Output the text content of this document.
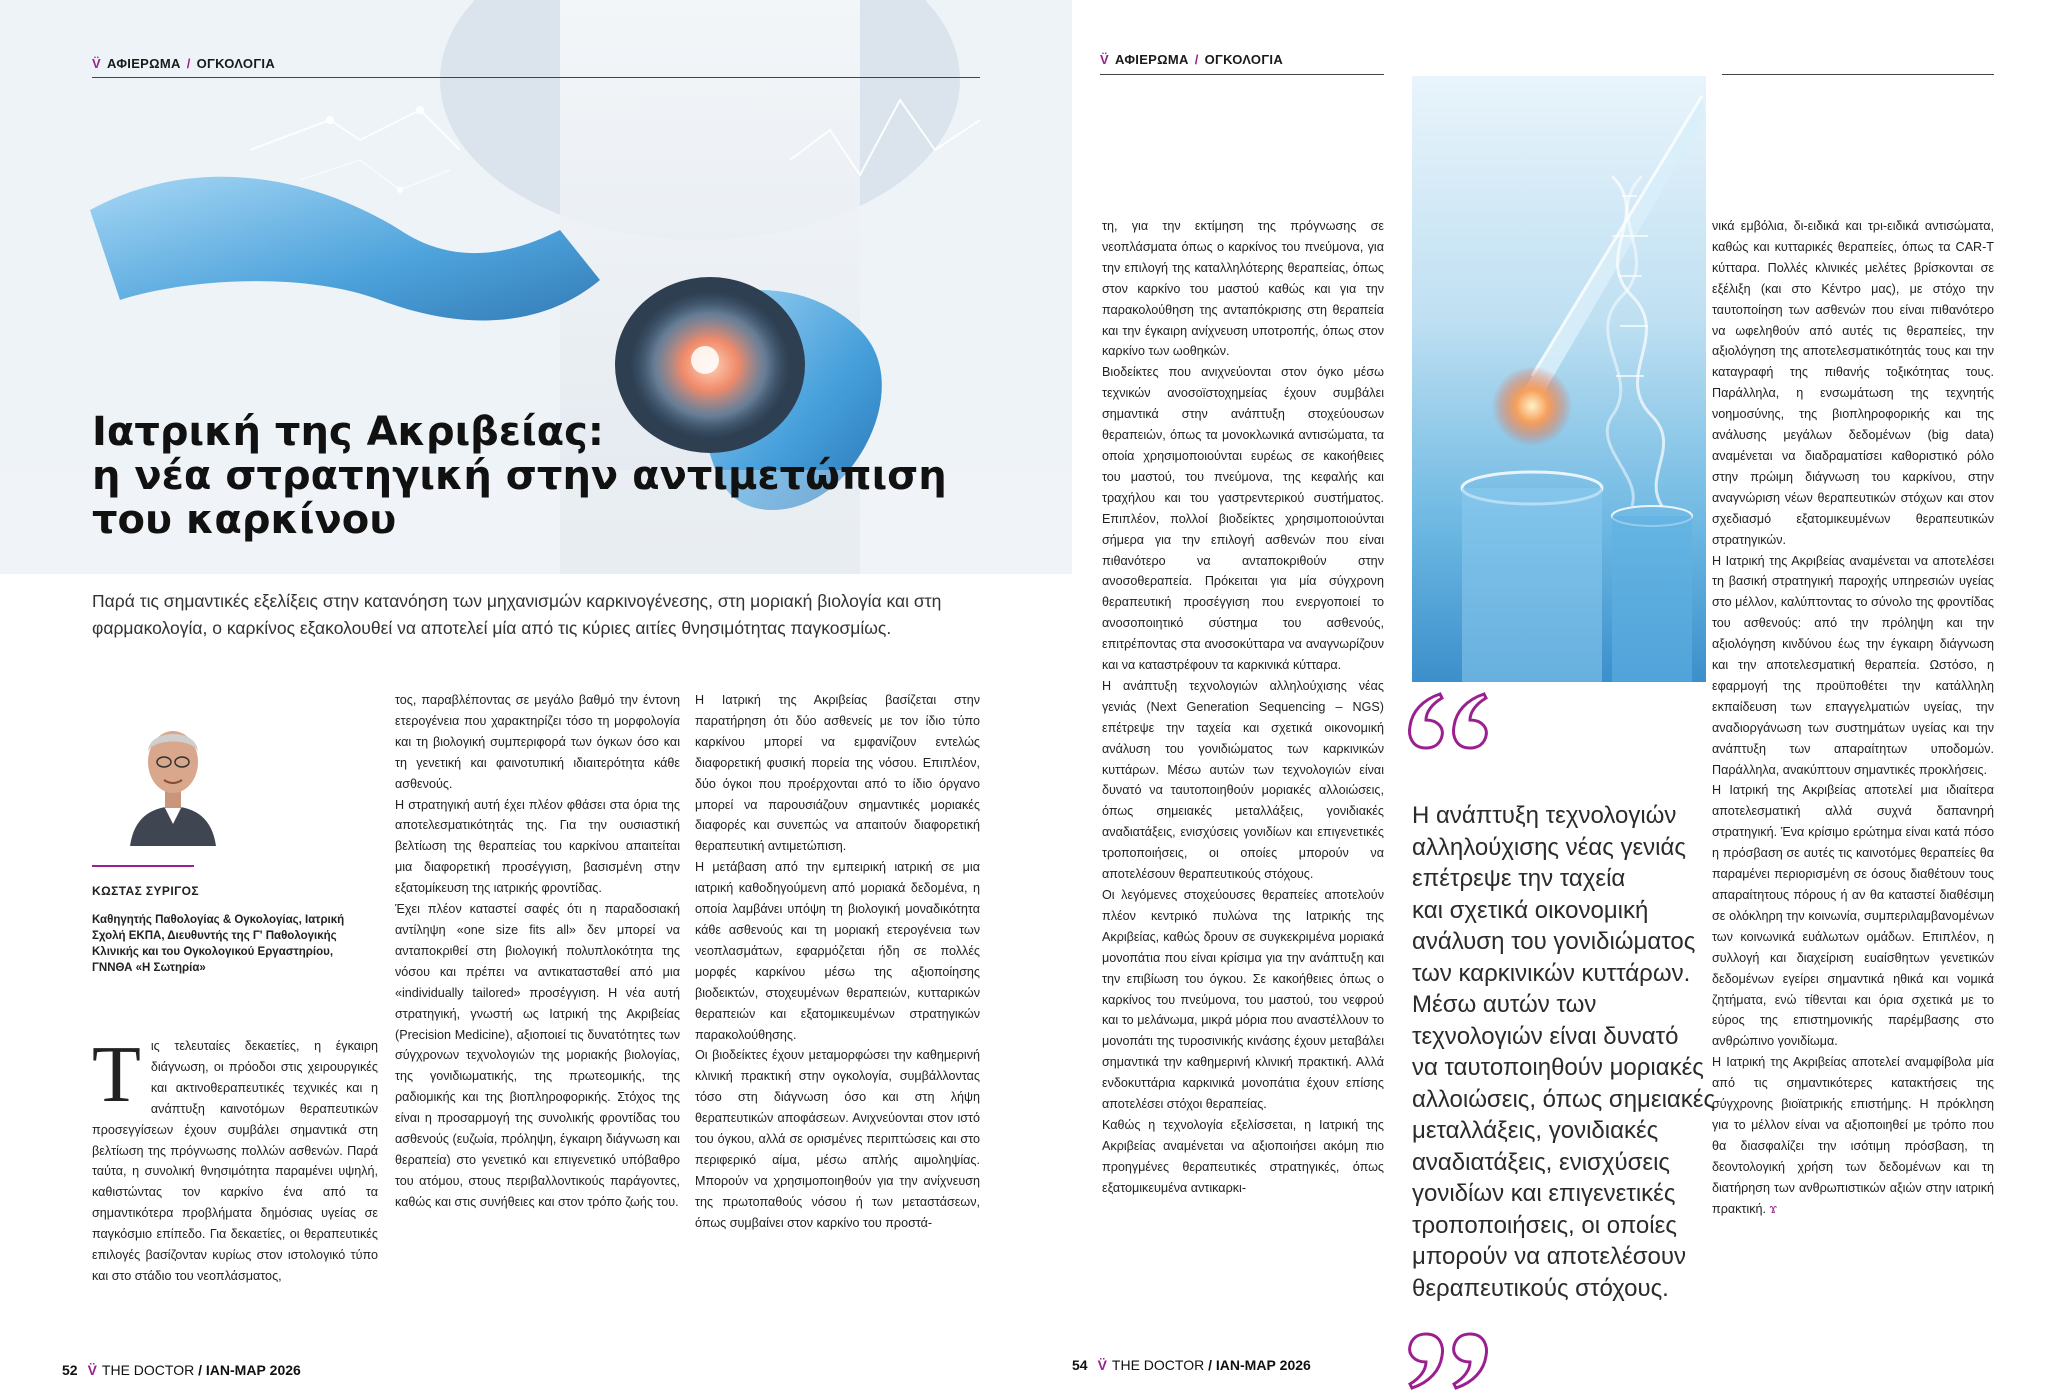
Ιατρική της Ακριβείας:
η νέα στρατηγική στην αντιμετώπιση
του καρκίνου
V̈ ΑΦΙΕΡΩΜΑ / ΟΓΚΟΛΟΓΙΑ
Παρά τις σημαντικές εξελίξεις στην κατανόηση των μηχανισμών καρκινογένεσης, στη μοριακή βιολογία και στη φαρμακολογία, ο καρκίνος εξακολουθεί να αποτελεί μία από τις κύριες αιτίες θνησιμότητας παγκοσμίως.
ΚΩΣΤΑΣ ΣΥΡΙΓΟΣ
Καθηγητής Παθολογίας & Ογκολογίας, Ιατρική Σχολή ΕΚΠΑ, Διευθυντής της Γ' Παθολογικής Κλινικής και του Ογκολογικού Εργαστηρίου, ΓΝΝΘΑ «Η Σωτηρία»
Τις τελευταίες δεκαετίες, η έγκαιρη διάγνωση, οι πρόοδοι στις χειρουργικές και ακτινοθεραπευτικές τεχνικές και η ανάπτυξη καινοτόμων θεραπευτικών προσεγγίσεων έχουν συμβάλει σημαντικά στη βελτίωση της πρόγνωσης πολλών ασθενών. Παρά ταύτα, η συνολική θνησιμότητα παραμένει υψηλή, καθιστώντας τον καρκίνο ένα από τα σημαντικότερα προβλήματα δημόσιας υγείας σε παγκόσμιο επίπεδο. Για δεκαετίες, οι θεραπευτικές επιλογές βασίζονταν κυρίως στον ιστολογικό τύπο και στο στάδιο του νεοπλάσματος,

τος, παραβλέποντας σε μεγάλο βαθμό την έντονη ετερογένεια που χαρακτηρίζει τόσο τη μορφολογία και τη βιολογική συμπεριφορά των όγκων όσο και τη γενετική και φαινοτυπική ιδιαιτερότητα κάθε ασθενούς.

Η στρατηγική αυτή έχει πλέον φθάσει στα όρια της αποτελεσματικότητάς της. Για την ουσιαστική βελτίωση της θεραπείας του καρκίνου απαιτείται μια διαφορετική προσέγγιση, βασισμένη στην εξατομίκευση της ιατρικής φροντίδας.

Έχει πλέον καταστεί σαφές ότι η παραδοσιακή αντίληψη «one size fits all» δεν μπορεί να ανταποκριθεί στη βιολογική πολυπλοκότητα της νόσου και πρέπει να αντικατασταθεί από μια «individually tailored» προσέγγιση. Η νέα αυτή στρατηγική, γνωστή ως Ιατρική της Ακριβείας (Precision Medicine), αξιοποιεί τις δυνατότητες των σύγχρονων τεχνολογιών της μοριακής βιολογίας, της γονιδιωματικής, της πρωτεομικής, της ραδιομικής και της βιοπληροφορικής. Στόχος της είναι η προσαρμογή της συνολικής φροντίδας του ασθενούς (ευζωία, πρόληψη, έγκαιρη διάγνωση και θεραπεία) στο γενετικό και επιγενετικό υπόβαθρο του ατόμου, στους περιβαλλοντικούς παράγοντες, καθώς και στις συνήθειες και στον τρόπο ζωής του.

Η Ιατρική της Ακριβείας βασίζεται στην παρατήρηση ότι δύο ασθενείς με τον ίδιο τύπο καρκίνου μπορεί να εμφανίζουν εντελώς διαφορετική φυσική πορεία της νόσου. Επιπλέον, δύο όγκοι που προέρχονται από το ίδιο όργανο μπορεί να παρουσιάζουν σημαντικές μοριακές διαφορές και συνεπώς να απαιτούν διαφορετική θεραπευτική αντιμετώπιση.

Η μετάβαση από την εμπειρική ιατρική σε μια ιατρική καθοδηγούμενη από μοριακά δεδομένα, η οποία λαμβάνει υπόψη τη βιολογική μοναδικότητα κάθε ασθενούς και τη μοριακή ετερογένεια των νεοπλασμάτων, εφαρμόζεται ήδη σε πολλές μορφές καρκίνου μέσω της αξιοποίησης βιοδεικτών, στοχευμένων θεραπειών, κυτταρικών θεραπειών και εξατομικευμένων στρατηγικών παρακολούθησης.

Οι βιοδείκτες έχουν μεταμορφώσει την καθημερινή κλινική πρακτική στην ογκολογία, συμβάλλοντας τόσο στη διάγνωση όσο και στη λήψη θεραπευτικών αποφάσεων. Ανιχνεύονται στον ιστό του όγκου, αλλά σε ορισμένες περιπτώσεις και στο περιφερικό αίμα, μέσω απλής αιμοληψίας. Μπορούν να χρησιμοποιηθούν για την ανίχνευση της πρωτοπαθούς νόσου ή των μεταστάσεων, όπως συμβαίνει στον καρκίνο του προστά-

52 V̈ THE DOCTOR / ΙΑΝ-ΜΑΡ 2026
V̈ ΑΦΙΕΡΩΜΑ / ΟΓΚΟΛΟΓΙΑ

τη, για την εκτίμηση της πρόγνωσης σε νεοπλάσματα όπως ο καρκίνος του πνεύμονα, για την επιλογή της καταλληλότερης θεραπείας, όπως στον καρκίνο του μαστού καθώς και για την παρακολούθηση της ανταπόκρισης στη θεραπεία και την έγκαιρη ανίχνευση υποτροπής, όπως στον καρκίνο των ωοθηκών.

Βιοδείκτες που ανιχνεύονται στον όγκο μέσω τεχνικών ανοσοϊστοχημείας έχουν συμβάλει σημαντικά στην ανάπτυξη στοχεύουσων θεραπειών, όπως τα μονοκλωνικά αντισώματα, τα οποία χρησιμοποιούνται ευρέως σε κακοήθειες του μαστού, του πνεύμονα, της κεφαλής και τραχήλου και του γαστρεντερικού συστήματος. Επιπλέον, πολλοί βιοδείκτες χρησιμοποιούνται σήμερα για την επιλογή ασθενών που είναι πιθανότερο να ανταποκριθούν στην ανοσοθεραπεία. Πρόκειται για μία σύγχρονη θεραπευτική προσέγγιση που ενεργοποιεί το ανοσοποιητικό σύστημα του ασθενούς, επιτρέποντας στα ανοσοκύτταρα να αναγνωρίζουν και να καταστρέφουν τα καρκινικά κύτταρα.

Η ανάπτυξη τεχνολογιών αλληλούχισης νέας γενιάς (Next Generation Sequencing – NGS) επέτρεψε την ταχεία και σχετικά οικονομική ανάλυση του γονιδιώματος των καρκινικών κυττάρων. Μέσω αυτών των τεχνολογιών είναι δυνατό να ταυτοποιηθούν μοριακές αλλοιώσεις, όπως σημειακές μεταλλάξεις, γονιδιακές αναδιατάξεις, ενισχύσεις γονιδίων και επιγενετικές τροποποιήσεις, οι οποίες μπορούν να αποτελέσουν θεραπευτικούς στόχους.

Οι λεγόμενες στοχεύουσες θεραπείες αποτελούν πλέον κεντρικό πυλώνα της Ιατρικής της Ακριβείας, καθώς δρουν σε συγκεκριμένα μοριακά μονοπάτια που είναι κρίσιμα για την ανάπτυξη και την επιβίωση του όγκου. Σε κακοήθειες όπως ο καρκίνος του πνεύμονα, του μαστού, του νεφρού και το μελάνωμα, μικρά μόρια που αναστέλλουν το μονοπάτι της τυροσινικής κινάσης έχουν μεταβάλει σημαντικά την καθημερινή κλινική πρακτική. Αλλά ενδοκυττάρια καρκινικά μονοπάτια έχουν επίσης αποτελέσει στόχοι θεραπείας.

Καθώς η τεχνολογία εξελίσσεται, η Ιατρική της Ακριβείας αναμένεται να αξιοποιήσει ακόμη πιο προηγμένες θεραπευτικές στρατηγικές, όπως εξατομικευμένα αντικαρκι-

Η ανάπτυξη τεχνολογιών
αλληλούχισης νέας γενιάς
επέτρεψε την ταχεία
και σχετικά οικονομική
ανάλυση του γονιδιώματος
των καρκινικών κυττάρων.
Μέσω αυτών των
τεχνολογιών είναι δυνατό
να ταυτοποιηθούν μοριακές
αλλοιώσεις, όπως σημειακές
μεταλλάξεις, γονιδιακές
αναδιατάξεις, ενισχύσεις
γονιδίων και επιγενετικές
τροποποιήσεις, οι οποίες
μπορούν να αποτελέσουν
θεραπευτικούς στόχους.

νικά εμβόλια, δι-ειδικά και τρι-ειδικά αντισώματα, καθώς και κυτταρικές θεραπείες, όπως τα CAR-T κύτταρα. Πολλές κλινικές μελέτες βρίσκονται σε εξέλιξη (και στο Κέντρο μας), με στόχο την ταυτοποίηση των ασθενών που είναι πιθανότερο να ωφεληθούν από αυτές τις θεραπείες, την αξιολόγηση της αποτελεσματικότητάς τους και την καταγραφή της πιθανής τοξικότητας τους. Παράλληλα, η ενσωμάτωση της τεχνητής νοημοσύνης, της βιοπληροφορικής και της ανάλυσης μεγάλων δεδομένων (big data) αναμένεται να διαδραματίσει καθοριστικό ρόλο στην πρώιμη διάγνωση του καρκίνου, στην αναγνώριση νέων θεραπευτικών στόχων και στον σχεδιασμό εξατομικευμένων θεραπευτικών στρατηγικών.

Η Ιατρική της Ακριβείας αναμένεται να αποτελέσει τη βασική στρατηγική παροχής υπηρεσιών υγείας στο μέλλον, καλύπτοντας το σύνολο της φροντίδας του ασθενούς: από την πρόληψη και την αξιολόγηση κινδύνου έως την έγκαιρη διάγνωση και την αποτελεσματική θεραπεία. Ωστόσο, η εφαρμογή της προϋποθέτει την κατάλληλη εκπαίδευση των επαγγελματιών υγείας, την αναδιοργάνωση των συστημάτων υγείας και την ανάπτυξη των απαραίτητων υποδομών. Παράλληλα, ανακύπτουν σημαντικές προκλήσεις.

Η Ιατρική της Ακριβείας αποτελεί μια ιδιαίτερα αποτελεσματική αλλά συχνά δαπανηρή στρατηγική. Ένα κρίσιμο ερώτημα είναι κατά πόσο η πρόσβαση σε αυτές τις καινοτόμες θεραπείες θα παραμένει περιορισμένη σε όσους διαθέτουν τους απαραίτητους πόρους ή αν θα καταστεί διαθέσιμη σε ολόκληρη την κοινωνία, συμπεριλαμβανομένων των κοινωνικά ευάλωτων ομάδων. Επιπλέον, η συλλογή και διαχείριση ευαίσθητων γενετικών δεδομένων εγείρει σημαντικά ηθικά και νομικά ζητήματα, ενώ τίθενται και όρια σχετικά με το εύρος της επιστημονικής παρέμβασης στο ανθρώπινο γονιδίωμα.

Η Ιατρική της Ακριβείας αποτελεί αναμφίβολα μία από τις σημαντικότερες κατακτήσεις της σύγχρονης βιοϊατρικής επιστήμης. Η πρόκληση για το μέλλον είναι να αξιοποιηθεί με τρόπο που θα διασφαλίζει την ισότιμη πρόσβαση, τη δεοντολογική χρήση των δεδομένων και τη διατήρηση των ανθρωπιστικών αξιών στην ιατρική πρακτική. ϫ

54 V̈ THE DOCTOR / ΙΑΝ-ΜΑΡ 2026
